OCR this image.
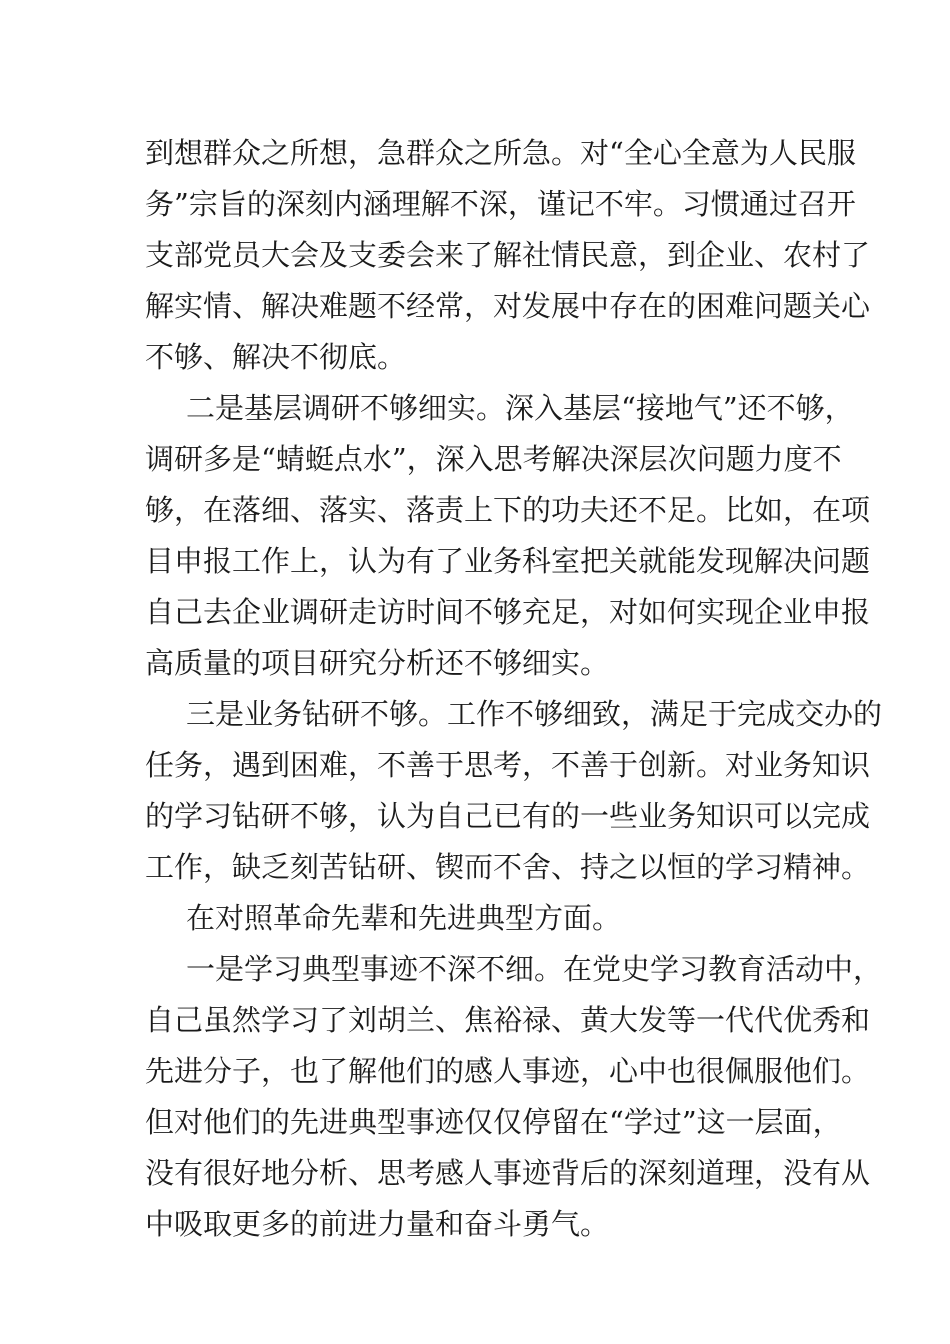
到想群众之所想，急群众之所急。对“全心全意为人民服
务”宗旨的深刻内涵理解不深，谨记不牢。习惯通过召开
支部党员大会及支委会来了解社情民意，到企业、农村了
解实情、解决难题不经常，对发展中存在的困难问题关心
不够、解决不彻底。
二是基层调研不够细实。深入基层“接地气”还不够，
调研多是“蜻蜓点水”，深入思考解决深层次问题力度不
够，在落细、落实、落责上下的功夫还不足。比如，在项
目申报工作上，认为有了业务科室把关就能发现解决问题
自己去企业调研走访时间不够充足，对如何实现企业申报
高质量的项目研究分析还不够细实。
三是业务钻研不够。工作不够细致，满足于完成交办的
任务，遇到困难，不善于思考，不善于创新。对业务知识
的学习钻研不够，认为自己已有的一些业务知识可以完成
工作，缺乏刻苦钻研、锲而不舍、持之以恒的学习精神。
在对照革命先辈和先进典型方面。
一是学习典型事迹不深不细。在党史学习教育活动中，
自己虽然学习了刘胡兰、焦裕禄、黄大发等一代代优秀和
先进分子，也了解他们的感人事迹，心中也很佩服他们。
但对他们的先进典型事迹仅仅停留在“学过”这一层面，
没有很好地分析、思考感人事迹背后的深刻道理，没有从
中吸取更多的前进力量和奋斗勇气。
